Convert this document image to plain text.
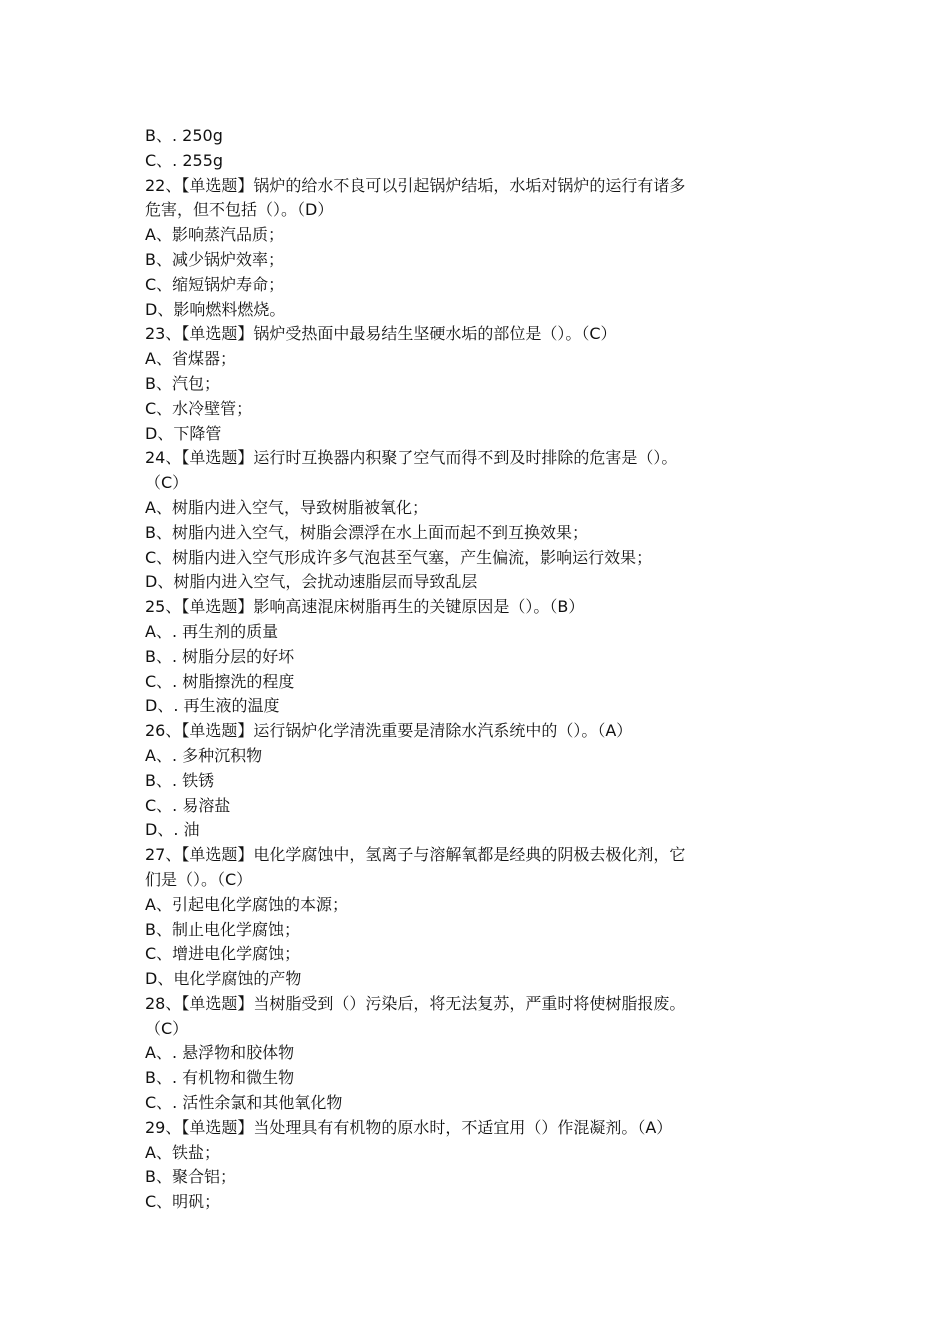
B、. 250g
C、. 255g
22、【单选题】锅炉的给水不良可以引起锅炉结垢，水垢对锅炉的运行有诸多
危害，但不包括（）。（D）
A、影响蒸汽品质；
B、减少锅炉效率；
C、缩短锅炉寿命；
D、影响燃料燃烧。
23、【单选题】锅炉受热面中最易结生坚硬水垢的部位是（）。（C）
A、省煤器；
B、汽包；
C、水冷壁管；
D、下降管
24、【单选题】运行时互换器内积聚了空气而得不到及时排除的危害是（）。
（C）
A、树脂内进入空气，导致树脂被氧化；
B、树脂内进入空气，树脂会漂浮在水上面而起不到互换效果；
C、树脂内进入空气形成许多气泡甚至气塞，产生偏流，影响运行效果；
D、树脂内进入空气，会扰动速脂层而导致乱层
25、【单选题】影响高速混床树脂再生的关键原因是（）。（B）
A、. 再生剂的质量
B、. 树脂分层的好坏
C、. 树脂擦洗的程度
D、. 再生液的温度
26、【单选题】运行锅炉化学清洗重要是清除水汽系统中的（）。（A）
A、. 多种沉积物
B、. 铁锈
C、. 易溶盐
D、. 油
27、【单选题】电化学腐蚀中，氢离子与溶解氧都是经典的阴极去极化剂，它
们是（）。（C）
A、引起电化学腐蚀的本源；
B、制止电化学腐蚀；
C、增进电化学腐蚀；
D、电化学腐蚀的产物
28、【单选题】当树脂受到（）污染后，将无法复苏，严重时将使树脂报废。
（C）
A、. 悬浮物和胶体物
B、. 有机物和微生物
C、. 活性余氯和其他氧化物
29、【单选题】当处理具有有机物的原水时，不适宜用（）作混凝剂。（A）
A、铁盐；
B、聚合铝；
C、明矾；
